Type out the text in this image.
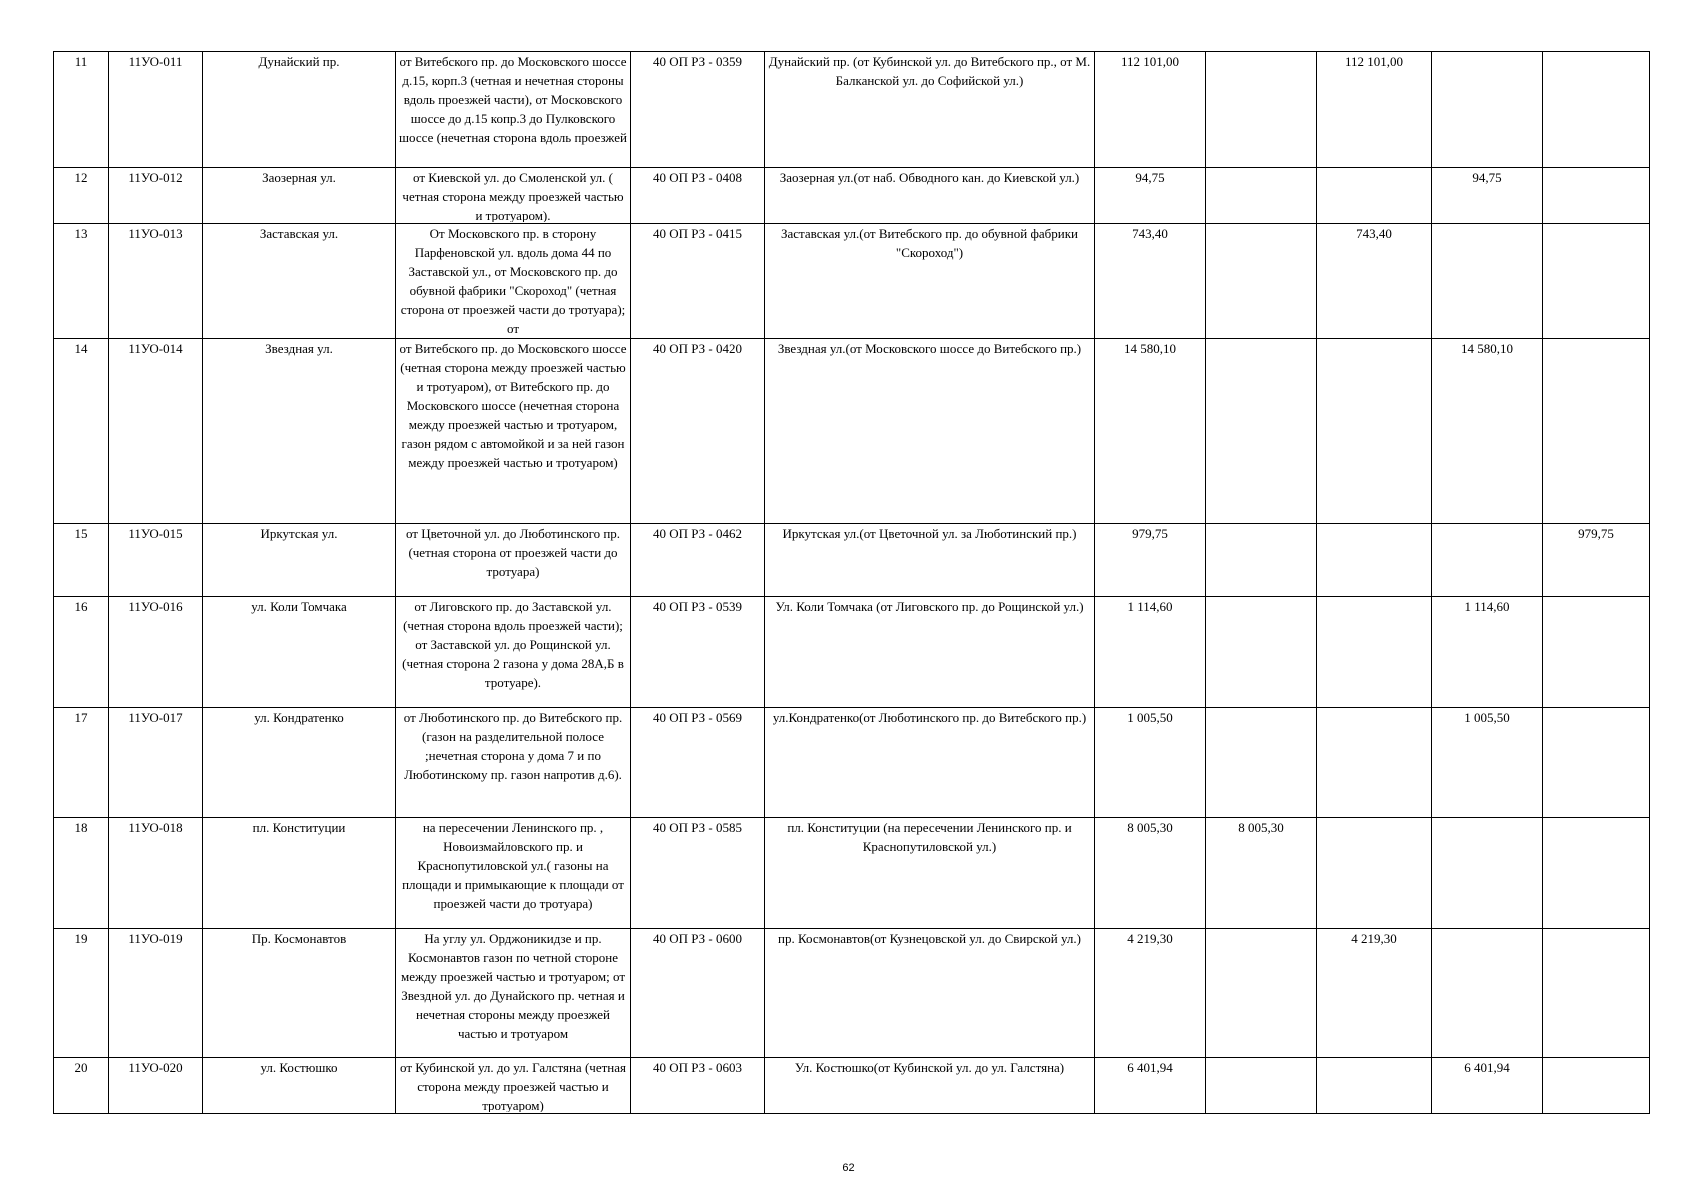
11	11УО-011	Дунайский пр.	от Витебского пр. до Московского шоссе д.15, корп.3 (четная и нечетная стороны вдоль проезжей части), от Московского шоссе до д.15 копр.3 до Пулковского шоссе (нечетная сторона вдоль проезжей	40 ОП РЗ - 0359	Дунайский пр. (от Кубинской ул. до Витебского пр., от М. Балканской ул. до Софийской ул.)	112 101,00		112 101,00		

12	11УО-012	Заозерная ул.	от Киевской ул. до Смоленской ул. ( четная сторона между проезжей частью и тротуаром).	40 ОП РЗ - 0408	Заозерная ул.(от наб. Обводного кан. до Киевской ул.)	94,75			94,75	

13	11УО-013	Заставская ул.	От Московского пр. в сторону Парфеновской ул. вдоль дома 44 по Заставской ул., от Московского пр. до обувной фабрики "Скороход" (четная сторона от проезжей части до тротуара); от	40 ОП РЗ - 0415	Заставская ул.(от Витебского пр. до обувной фабрики "Скороход")	743,40		743,40		

14	11УО-014	Звездная ул.	от Витебского пр. до Московского шоссе (четная сторона между проезжей частью и тротуаром), от Витебского пр. до Московского шоссе (нечетная сторона между проезжей частью и тротуаром, газон рядом с автомойкой и за ней газон между проезжей частью и тротуаром)	40 ОП РЗ - 0420	Звездная ул.(от Московского шоссе до Витебского пр.)	14 580,10			14 580,10	

15	11УО-015	Иркутская ул.	от Цветочной ул. до Люботинского пр. (четная сторона от проезжей части до тротуара)	40 ОП РЗ - 0462	Иркутская ул.(от Цветочной ул. за Люботинский пр.)	979,75				979,75

16	11УО-016	ул. Коли Томчака	от Лиговского пр. до Заставской ул. (четная сторона вдоль проезжей части); от Заставской ул. до Рощинской ул. (четная сторона 2 газона у дома 28А,Б в тротуаре).	40 ОП РЗ - 0539	Ул. Коли Томчака (от Лиговского пр. до Рощинской ул.)	1 114,60			1 114,60	

17	11УО-017	ул. Кондратенко	от Люботинского пр. до Витебского пр. (газон на разделительной полосе ;нечетная сторона у дома 7 и по Люботинскому пр. газон напротив д.6).	40 ОП РЗ - 0569	ул.Кондратенко(от Люботинского пр. до Витебского пр.)	1 005,50			1 005,50	

18	11УО-018	пл. Конституции	на пересечении Ленинского пр. , Новоизмайловского пр. и Краснопутиловской ул.( газоны на площади и примыкающие к площади от проезжей части до тротуара)	40 ОП РЗ - 0585	пл. Конституции (на пересечении Ленинского пр. и Краснопутиловской ул.)	8 005,30	8 005,30			

19	11УО-019	Пр. Космонавтов	На углу ул. Орджоникидзе и пр. Космонавтов газон по четной стороне между проезжей частью и тротуаром; от Звездной ул. до Дунайского пр. четная и нечетная стороны между проезжей частью и тротуаром	40 ОП РЗ - 0600	пр. Космонавтов(от Кузнецовской ул. до Свирской ул.)	4 219,30		4 219,30		

20	11УО-020	ул. Костюшко	от Кубинской ул. до ул. Галстяна (четная сторона между проезжей частью и тротуаром)	40 ОП РЗ - 0603	Ул. Костюшко(от Кубинской ул. до ул. Галстяна)	6 401,94			6 401,94	

62
